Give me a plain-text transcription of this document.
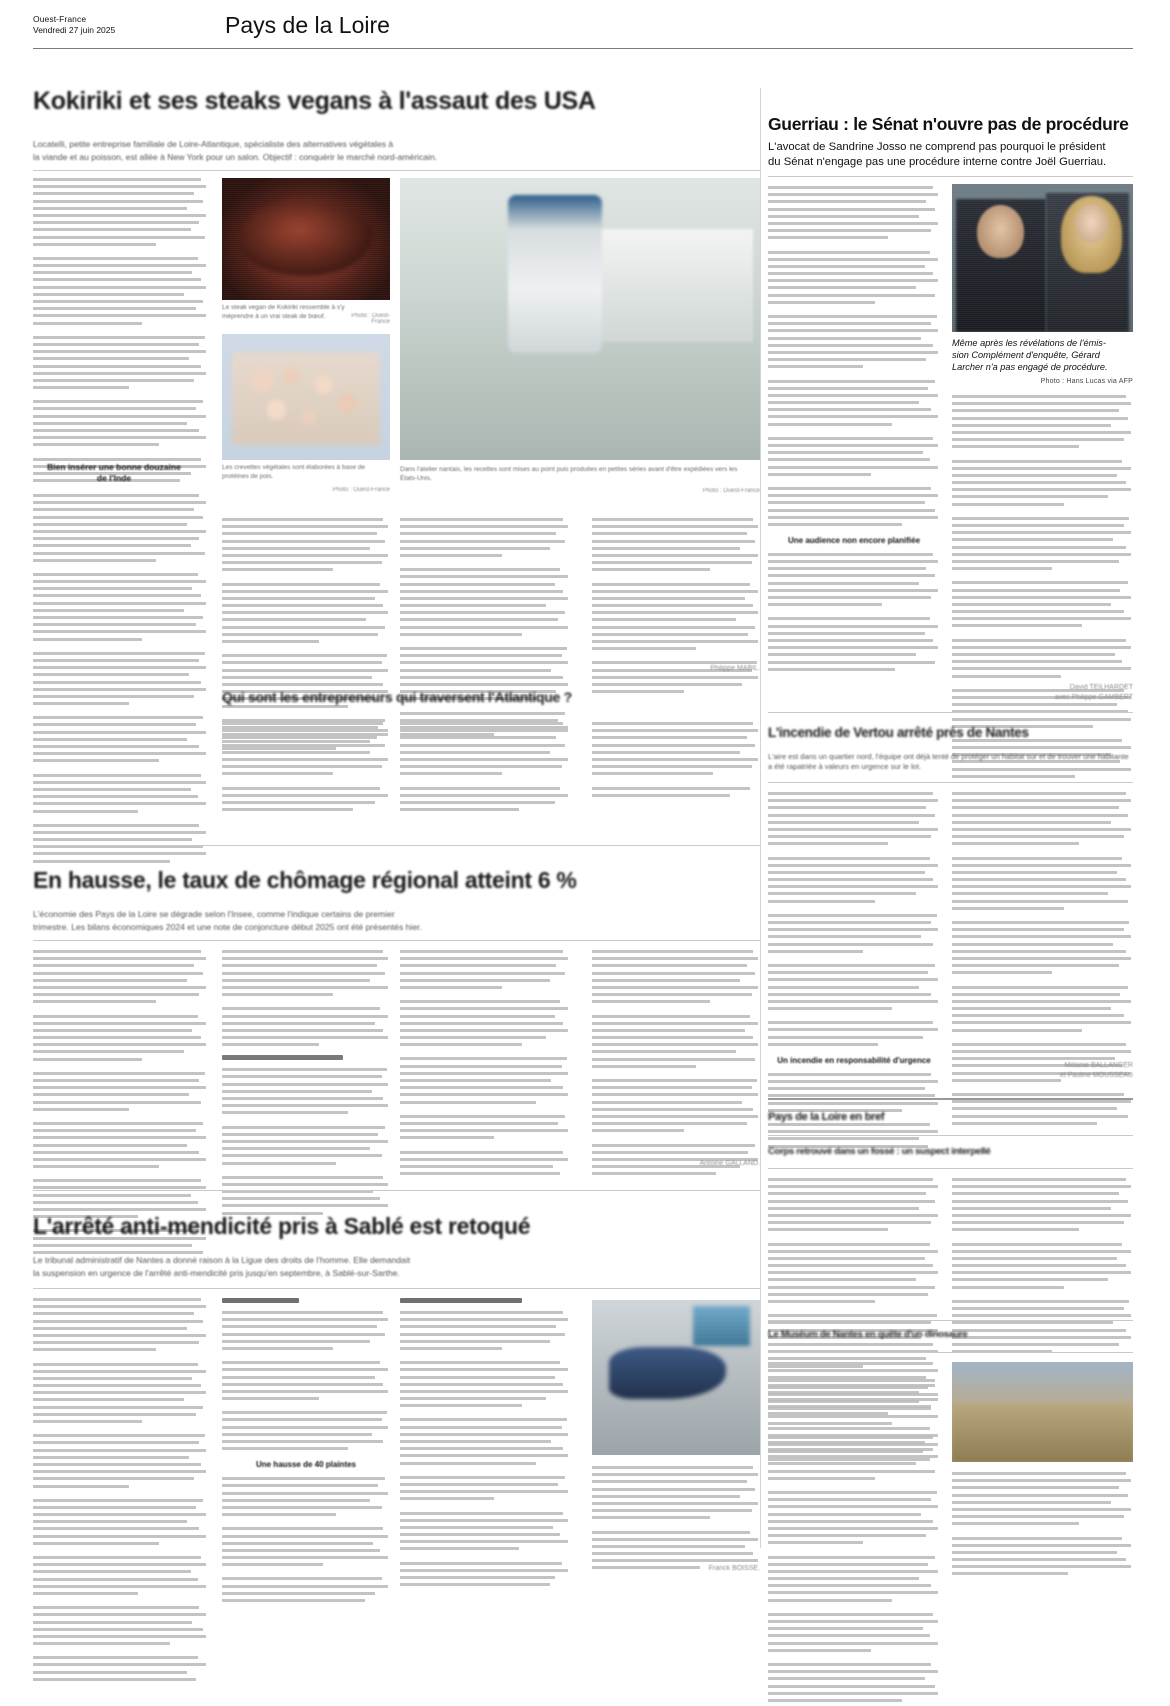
Ouest-France
Vendredi 27 juin 2025	Pays de la Loire
Kokiriki et ses steaks vegans à l'assaut des USA
Locatelli, petite entreprise familiale de Loire-Atlantique, spécialiste des alternatives végétales à
la viande et au poisson, est allée à New York pour un salon. Objectif : conquérir le marché nord-américain.
Le steak vegan de Kokiriki ressemble à s'y méprendre à un vrai steak de bœuf.	Photo : Ouest-France
Les crevettes végétales sont élaborées à base de protéines de pois.
Photo : Ouest-France
Dans l'atelier nantais, les recettes sont mises au point puis produites en petites séries avant d'être expédiées vers les États-Unis.
Photo : Ouest-France
Bien insérer une bonne douzaine de l'Inde
Philippe MABIL.
Qui sont les entrepreneurs qui traversent l'Atlantique ?
En hausse, le taux de chômage régional atteint 6 %
L'économie des Pays de la Loire se dégrade selon l'Insee, comme l'indique certains de premier
trimestre. Les bilans économiques 2024 et une note de conjoncture début 2025 ont été présentés hier.
Antoine GALLAND.
L'arrêté anti-mendicité pris à Sablé est retoqué
Le tribunal administratif de Nantes a donné raison à la Ligue des droits de l'homme. Elle demandait
la suspension en urgence de l'arrêté anti-mendicité pris jusqu'en septembre, à Sablé-sur-Sarthe.
Une hausse de 40 plaintes
Franck BOISSE.
Guerriau : le Sénat n'ouvre pas de procédure
L'avocat de Sandrine Josso ne comprend pas pourquoi le président
du Sénat n'engage pas une procédure interne contre Joël Guerriau.
Même après les révélations de l'émis-
sion Complément d'enquête, Gérard
Larcher n'a pas engagé de procédure.
Photo : Hans Lucas via AFP
Une audience non encore planifiée
David TEILHARDET
avec Philippe GAMBERT
L'incendie de Vertou arrêté près de Nantes
L'aire est dans un quartier nord, l'équipe ont déjà tenté de protéger un habitat sur et de trouver une habitante a été rapatriée à valeurs en urgence sur le lot.
Un incendie en responsabilité d'urgence
Mélanie BALLANGER
et Pauline MOUSSEAU
Pays de la Loire en bref
Corps retrouvé dans un fossé : un suspect interpellé
Le Muséum de Nantes en quête d'un dinosaure
